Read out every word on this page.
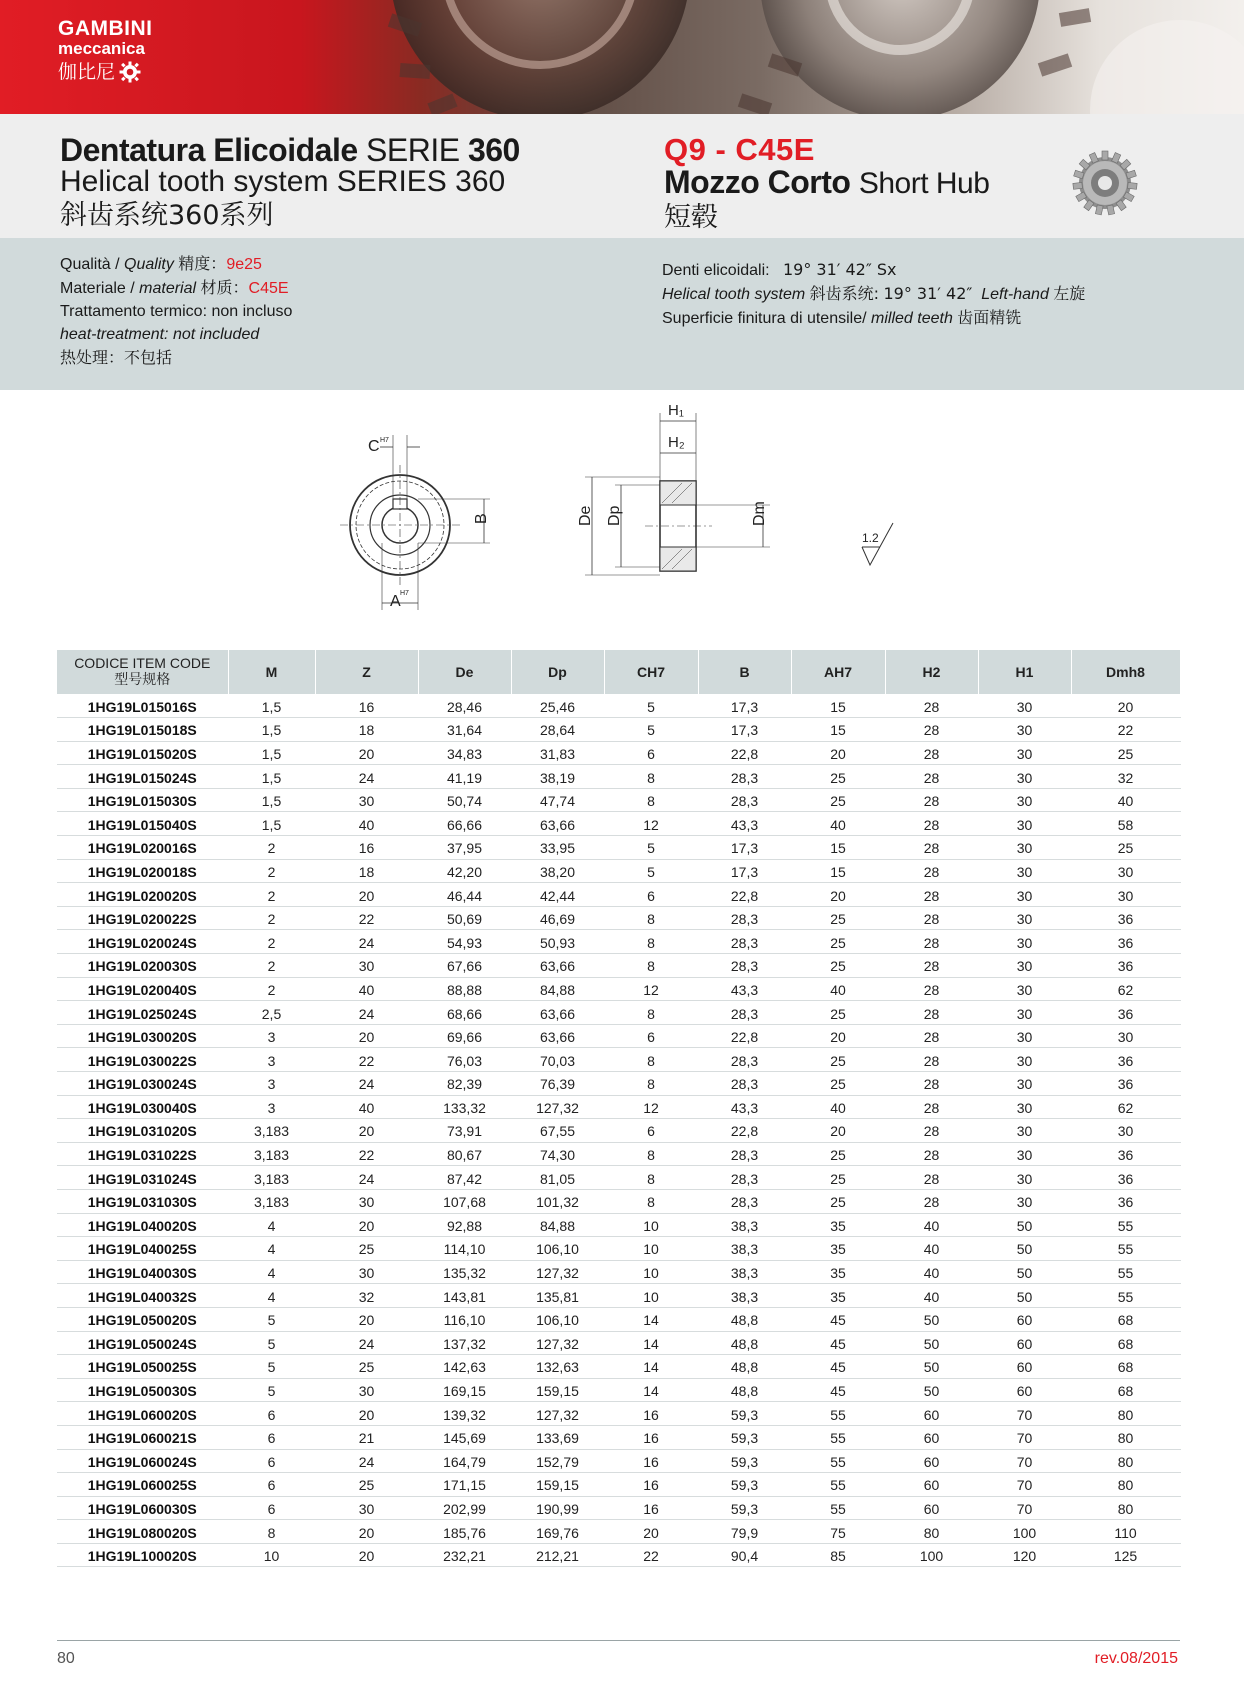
GAMBINI
meccanica
伽比尼
Dentatura Elicoidale SERIE 360
Helical tooth system SERIES 360
斜齿系统360系列
Q9 - C45E
Mozzo Corto Short Hub
短毂
Qualità / Quality 精度：9e25
Materiale / material 材质：C45E
Trattamento termico: non incluso
heat-treatment: not included
热处理：不包括
Denti elicoidali: 19° 31′ 42″ Sx
Helical tooth system 斜齿系统: 19° 31′ 42″ Left-hand 左旋
Superficie finitura di utensile/ milled teeth 齿面精铣
C H7
B
A H7
H₁
H₂
De Dp	Dm
1.2
CODICE ITEM CODE
型号规格	M	Z	De	Dp	CH7	B	AH7	H2	H1	Dmh8
1HG19L015016S	1,5	16	28,46	25,46	5	17,3	15	28	30	20
1HG19L015018S	1,5	18	31,64	28,64	5	17,3	15	28	30	22
1HG19L015020S	1,5	20	34,83	31,83	6	22,8	20	28	30	25
1HG19L015024S	1,5	24	41,19	38,19	8	28,3	25	28	30	32
1HG19L015030S	1,5	30	50,74	47,74	8	28,3	25	28	30	40
1HG19L015040S	1,5	40	66,66	63,66	12	43,3	40	28	30	58
1HG19L020016S	2	16	37,95	33,95	5	17,3	15	28	30	25
1HG19L020018S	2	18	42,20	38,20	5	17,3	15	28	30	30
1HG19L020020S	2	20	46,44	42,44	6	22,8	20	28	30	30
1HG19L020022S	2	22	50,69	46,69	8	28,3	25	28	30	36
1HG19L020024S	2	24	54,93	50,93	8	28,3	25	28	30	36
1HG19L020030S	2	30	67,66	63,66	8	28,3	25	28	30	36
1HG19L020040S	2	40	88,88	84,88	12	43,3	40	28	30	62
1HG19L025024S	2,5	24	68,66	63,66	8	28,3	25	28	30	36
1HG19L030020S	3	20	69,66	63,66	6	22,8	20	28	30	30
1HG19L030022S	3	22	76,03	70,03	8	28,3	25	28	30	36
1HG19L030024S	3	24	82,39	76,39	8	28,3	25	28	30	36
1HG19L030040S	3	40	133,32	127,32	12	43,3	40	28	30	62
1HG19L031020S	3,183	20	73,91	67,55	6	22,8	20	28	30	30
1HG19L031022S	3,183	22	80,67	74,30	8	28,3	25	28	30	36
1HG19L031024S	3,183	24	87,42	81,05	8	28,3	25	28	30	36
1HG19L031030S	3,183	30	107,68	101,32	8	28,3	25	28	30	36
1HG19L040020S	4	20	92,88	84,88	10	38,3	35	40	50	55
1HG19L040025S	4	25	114,10	106,10	10	38,3	35	40	50	55
1HG19L040030S	4	30	135,32	127,32	10	38,3	35	40	50	55
1HG19L040032S	4	32	143,81	135,81	10	38,3	35	40	50	55
1HG19L050020S	5	20	116,10	106,10	14	48,8	45	50	60	68
1HG19L050024S	5	24	137,32	127,32	14	48,8	45	50	60	68
1HG19L050025S	5	25	142,63	132,63	14	48,8	45	50	60	68
1HG19L050030S	5	30	169,15	159,15	14	48,8	45	50	60	68
1HG19L060020S	6	20	139,32	127,32	16	59,3	55	60	70	80
1HG19L060021S	6	21	145,69	133,69	16	59,3	55	60	70	80
1HG19L060024S	6	24	164,79	152,79	16	59,3	55	60	70	80
1HG19L060025S	6	25	171,15	159,15	16	59,3	55	60	70	80
1HG19L060030S	6	30	202,99	190,99	16	59,3	55	60	70	80
1HG19L080020S	8	20	185,76	169,76	20	79,9	75	80	100	110
1HG19L100020S	10	20	232,21	212,21	22	90,4	85	100	120	125
80	rev.08/2015
